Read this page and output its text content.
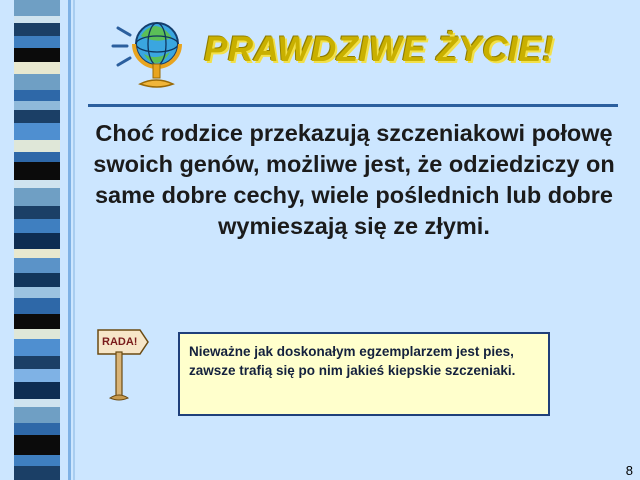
PRAWDZIWE ŻYCIE!
Choć rodzice przekazują szczeniakowi połowę swoich genów, możliwe jest, że odziedziczy on same dobre cechy, wiele poślednich lub dobre wymieszają się ze złymi.
RADA!
Nieważne jak doskonałym egzemplarzem jest pies, zawsze trafią się po nim jakieś kiepskie szczeniaki.
8
